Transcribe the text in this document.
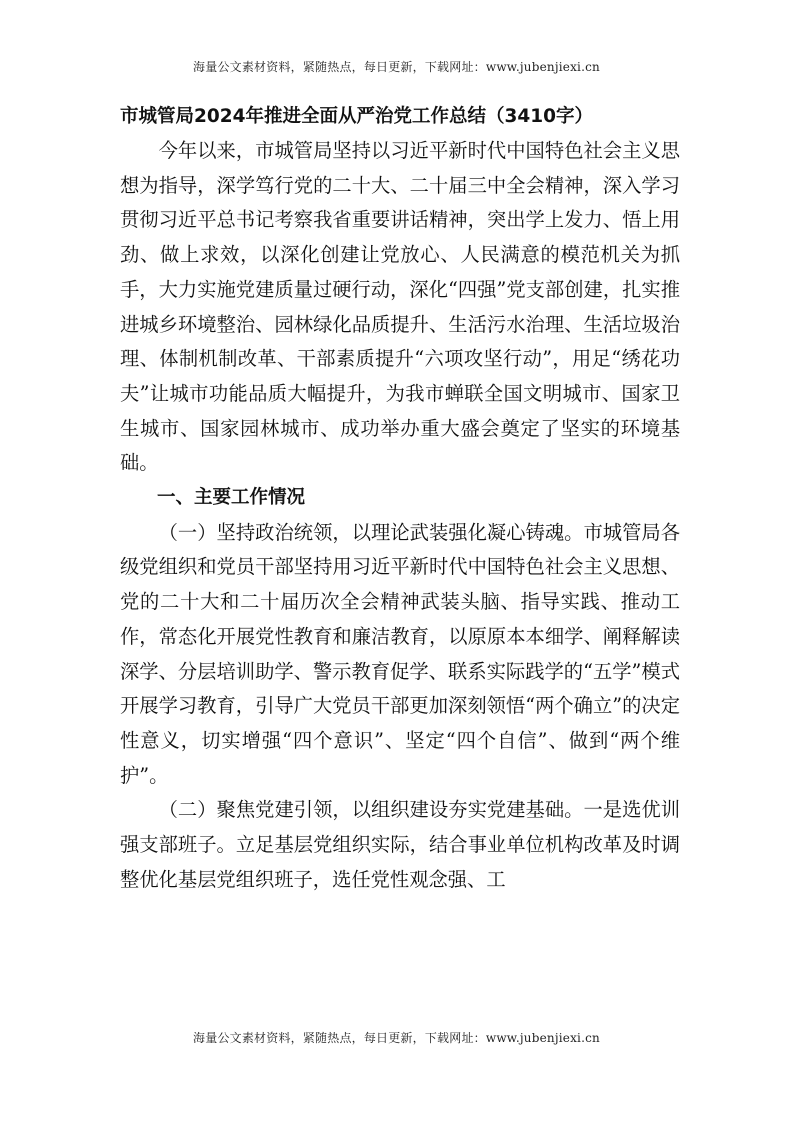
海量公文素材资料，紧随热点，每日更新，下载网址：www.jubenjiexi.cn
市城管局2024年推进全面从严治党工作总结（3410字）

今年以来，市城管局坚持以习近平新时代中国特色社会主义思想为指导，深学笃行党的二十大、二十届三中全会精神，深入学习贯彻习近平总书记考察我省重要讲话精神，突出学上发力、悟上用劲、做上求效，以深化创建让党放心、人民满意的模范机关为抓手，大力实施党建质量过硬行动，深化“四强”党支部创建，扎实推进城乡环境整治、园林绿化品质提升、生活污水治理、生活垃圾治理、体制机制改革、干部素质提升“六项攻坚行动”，用足“绣花功夫”让城市功能品质大幅提升，为我市蝉联全国文明城市、国家卫生城市、国家园林城市、成功举办重大盛会奠定了坚实的环境基础。

一、主要工作情况

（一）坚持政治统领，以理论武装强化凝心铸魂。市城管局各级党组织和党员干部坚持用习近平新时代中国特色社会主义思想、党的二十大和二十届历次全会精神武装头脑、指导实践、推动工作，常态化开展党性教育和廉洁教育，以原原本本细学、阐释解读深学、分层培训助学、警示教育促学、联系实际践学的“五学”模式开展学习教育，引导广大党员干部更加深刻领悟“两个确立”的决定性意义，切实增强“四个意识”、坚定“四个自信”、做到“两个维护”。

（二）聚焦党建引领，以组织建设夯实党建基础。一是选优训强支部班子。立足基层党组织实际，结合事业单位机构改革及时调整优化基层党组织班子，选任党性观念强、工

海量公文素材资料，紧随热点，每日更新，下载网址：www.jubenjiexi.cn
